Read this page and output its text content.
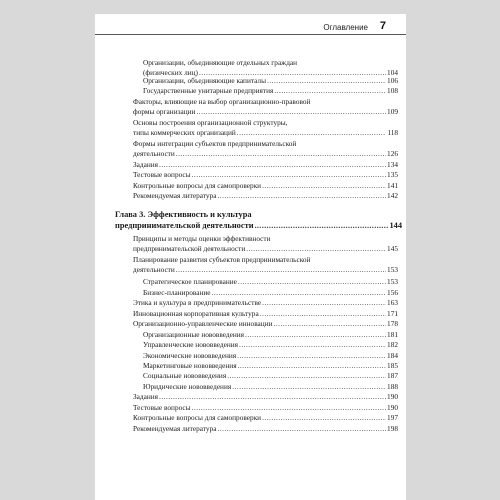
Оглавление 7
Организации, объединяющие отдельных граждан
(физических лиц) .....	104
Организации, объединяющие капиталы .....	106
Государственные унитарные предприятия .....	108
Факторы, влияющие на выбор организационно-правовой
формы организации .....	109
Основы построения организационной структуры,
типы коммерческих организаций .....	118
Формы интеграции субъектов предпринимательской
деятельности .....	126
Задания .....	134
Тестовые вопросы .....	135
Контрольные вопросы для самопроверки .....	141
Рекомендуемая литература .....	142
Глава 3. Эффективность и культура
предпринимательской деятельности .....	144
Принципы и методы оценки эффективности
предпринимательской деятельности .....	145
Планирование развития субъектов предпринимательской
деятельности .....	153
Стратегическое планирование .....	153
Бизнес-планирование .....	156
Этика и культура в предпринимательстве .....	163
Инновационная корпоративная культура .....	171
Организационно-управленческие инновации .....	178
Организационные нововведения .....	181
Управленческие нововведения .....	182
Экономические нововведения .....	184
Маркетинговые нововведения .....	185
Социальные нововведения .....	187
Юридические нововведения .....	188
Задания .....	190
Тестовые вопросы .....	190
Контрольные вопросы для самопроверки .....	197
Рекомендуемая литература .....	198
